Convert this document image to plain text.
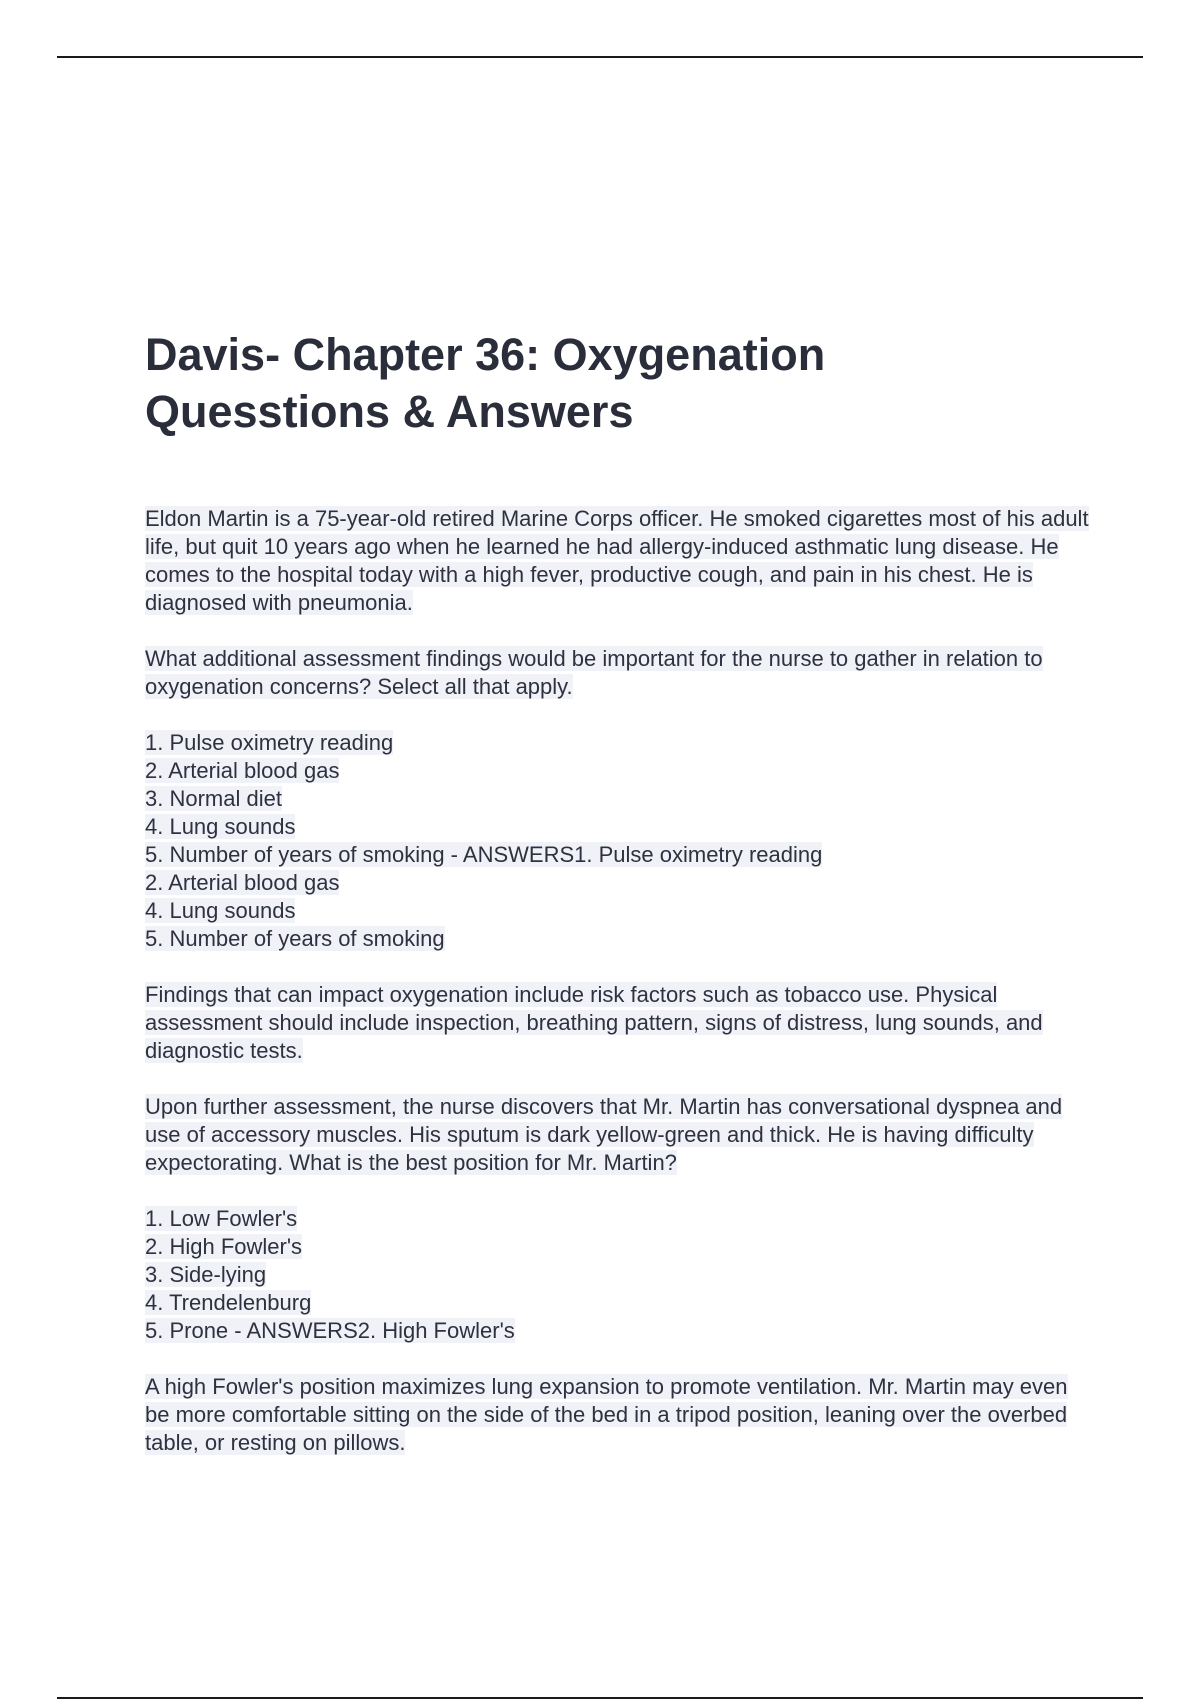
Davis- Chapter 36: Oxygenation
Quesstions & Answers

Eldon Martin is a 75-year-old retired Marine Corps officer. He smoked cigarettes most of his adult life, but quit 10 years ago when he learned he had allergy-induced asthmatic lung disease. He comes to the hospital today with a high fever, productive cough, and pain in his chest. He is diagnosed with pneumonia.

What additional assessment findings would be important for the nurse to gather in relation to oxygenation concerns? Select all that apply.

1. Pulse oximetry reading
2. Arterial blood gas
3. Normal diet
4. Lung sounds
5. Number of years of smoking - ANSWERS1. Pulse oximetry reading
2. Arterial blood gas
4. Lung sounds
5. Number of years of smoking

Findings that can impact oxygenation include risk factors such as tobacco use. Physical assessment should include inspection, breathing pattern, signs of distress, lung sounds, and diagnostic tests.

Upon further assessment, the nurse discovers that Mr. Martin has conversational dyspnea and use of accessory muscles. His sputum is dark yellow-green and thick. He is having difficulty expectorating. What is the best position for Mr. Martin?

1. Low Fowler's
2. High Fowler's
3. Side-lying
4. Trendelenburg
5. Prone - ANSWERS2. High Fowler's

A high Fowler's position maximizes lung expansion to promote ventilation. Mr. Martin may even be more comfortable sitting on the side of the bed in a tripod position, leaning over the overbed table, or resting on pillows.
